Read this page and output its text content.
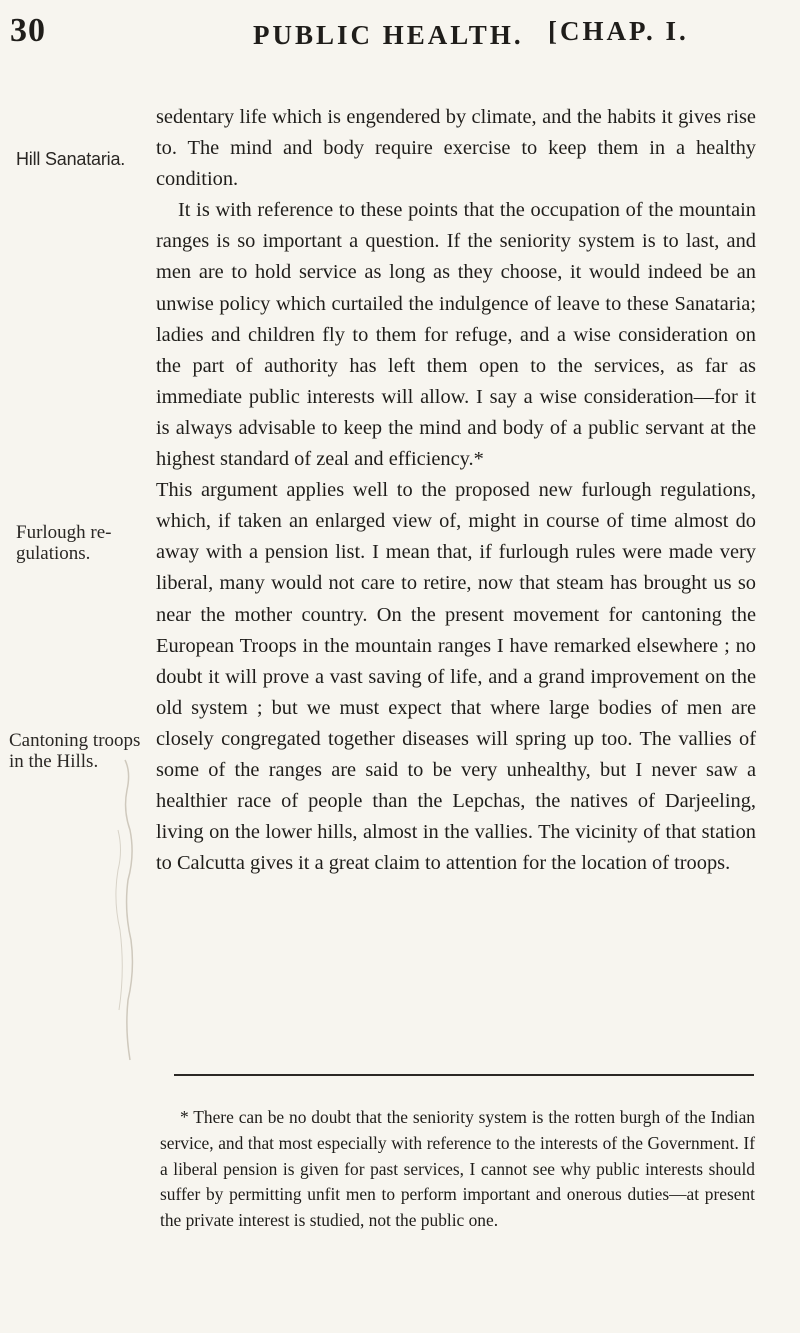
30	PUBLIC HEALTH. [CHAP. I.
Hill Sanataria.
Furlough re-gulations.
Cantoning troops in the Hills.

sedentary life which is engendered by climate, and the habits it gives rise to. The mind and body require exercise to keep them in a healthy condition.

It is with reference to these points that the occupation of the mountain ranges is so important a question. If the seniority system is to last, and men are to hold service as long as they choose, it would indeed be an unwise policy which curtailed the indulgence of leave to these Sanataria; ladies and children fly to them for refuge, and a wise consideration on the part of authority has left them open to the services, as far as immediate public interests will allow. I say a wise consideration—for it is always advisable to keep the mind and body of a public servant at the highest standard of zeal and efficiency.*

This argument applies well to the proposed new furlough regulations, which, if taken an enlarged view of, might in course of time almost do away with a pension list. I mean that, if furlough rules were made very liberal, many would not care to retire, now that steam has brought us so near the mother country. On the present movement for cantoning the European Troops in the mountain ranges I have remarked elsewhere ; no doubt it will prove a vast saving of life, and a grand improvement on the old system ; but we must expect that where large bodies of men are closely congregated together diseases will spring up too. The vallies of some of the ranges are said to be very unhealthy, but I never saw a healthier race of people than the Lepchas, the natives of Darjeeling, living on the lower hills, almost in the vallies. The vicinity of that station to Calcutta gives it a great claim to attention for the location of troops.

* There can be no doubt that the seniority system is the rotten burgh of the Indian service, and that most especially with reference to the interests of the Government. If a liberal pension is given for past services, I cannot see why public interests should suffer by permitting unfit men to perform important and onerous duties—at present the private interest is studied, not the public one.
